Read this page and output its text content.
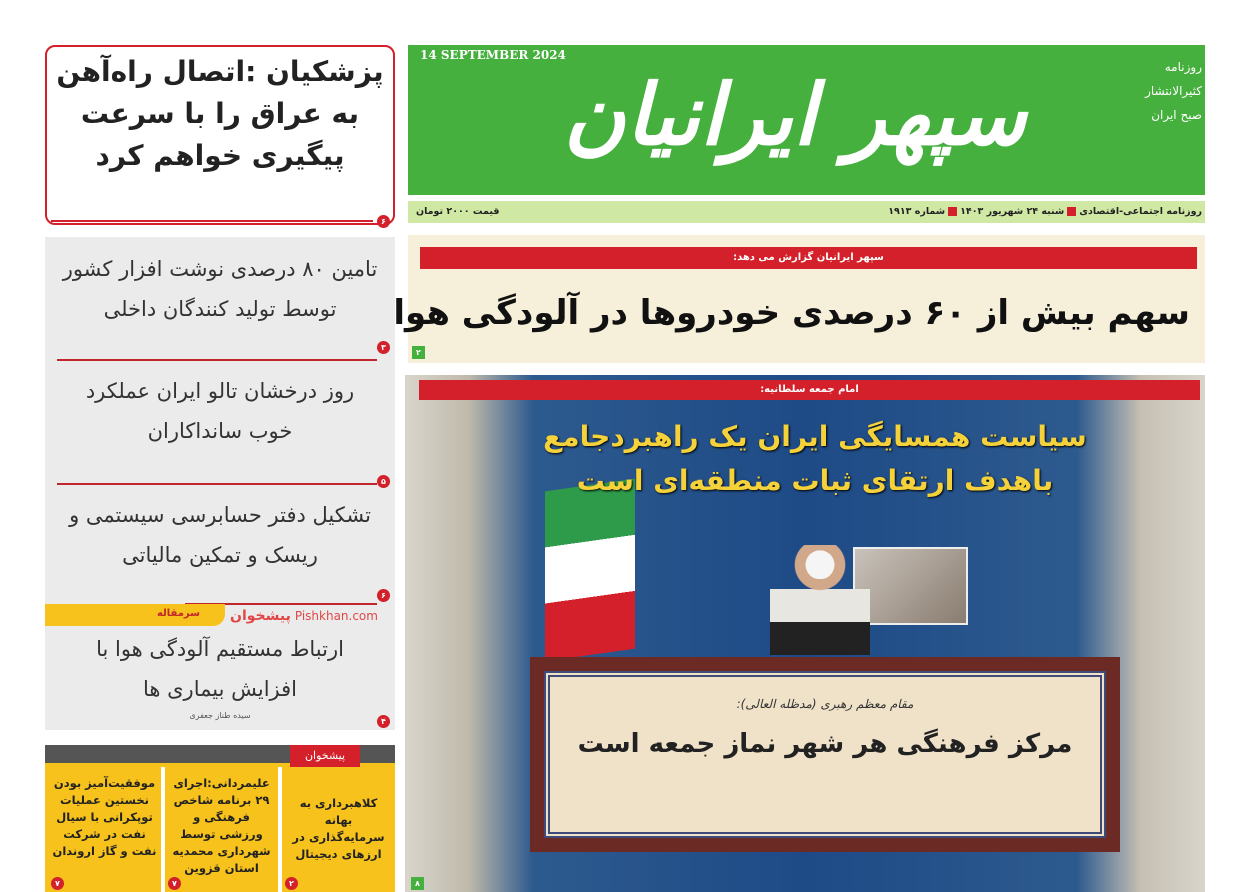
پزشکیان :اتصال راه‌آهن به عراق را با سرعت پیگیری خواهم کرد
۶
تامین ۸۰ درصدی نوشت افزار کشور توسط تولید کنندگان داخلی
۳
روز درخشان تالو ایران عملکرد خوب سانداکاران
۵
تشکیل دفتر حسابرسی سیستمی و ریسک و تمکین مالیاتی
۶
ارتباط مستقیم آلودگی هوا با افزایش بیماری ها
سیده طناز جعفری
۴
سرمقاله	پیشخوان Pishkhan.com
پیشخوان
کلاهبرداری به بهانه سرمایه‌گذاری در ارزهای دیجیتال
علیمردانی:اجرای ۲۹ برنامه شاخص فرهنگی و ورزشی توسط شهرداری محمدیه استان قزوین
موفقیت‌آمیز بودن نخستین عملیات توپکرانی با سیال نفت در شرکت نفت و گاز اروندان
۲
۷
۷
14 SEPTEMBER 2024
سپهر ایرانیان	روزنامه
کثیرالانتشار
صبح ایران
روزنامه اجتماعی-اقتصادیشنبه ۲۴ شهریور ۱۴۰۳شماره ۱۹۱۳
قیمت ۲۰۰۰ تومان
سپهر ایرانیان گزارش می دهد:
سهم بیش از ۶۰ درصدی خودروها در آلودگی هوا
۲
امام جمعه سلطانیه:
سیاست همسایگی ایران یک راهبردجامع باهدف ارتقای ثبات منطقه‌ای است
مقام معظم رهبری (مدظله العالی):
مرکز فرهنگی هر شهر نماز جمعه است
۸
